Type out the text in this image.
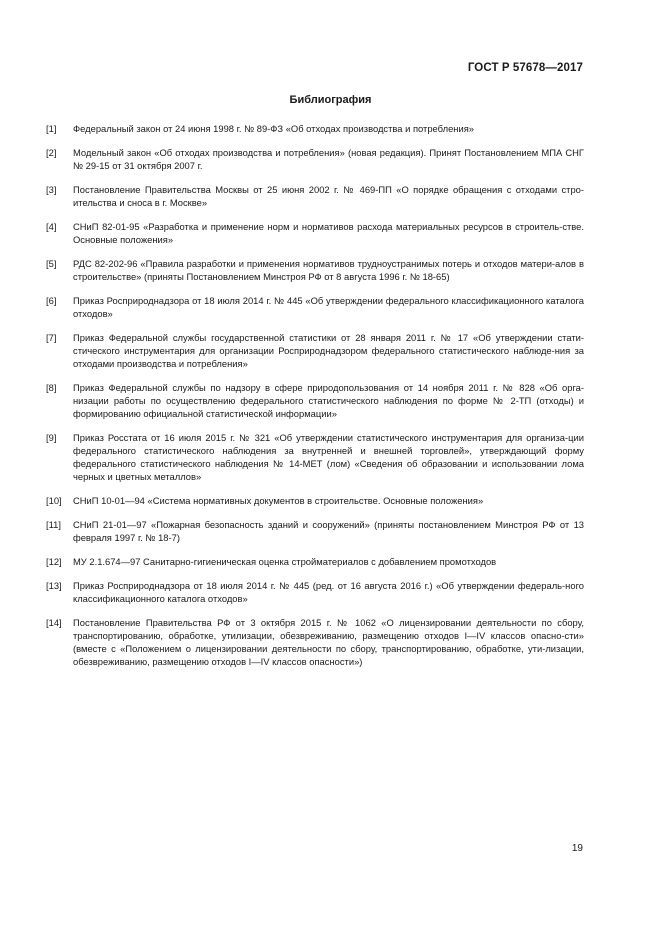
ГОСТ Р 57678—2017
Библиография
[1]	Федеральный закон от 24 июня 1998 г. № 89-ФЗ «Об отходах производства и потребления»
[2]	Модельный закон «Об отходах производства и потребления» (новая редакция). Принят Постановлением МПА СНГ № 29-15 от 31 октября 2007 г.
[3]	Постановление Правительства Москвы от 25 июня 2002 г. № 469-ПП «О порядке обращения с отходами стро-ительства и сноса в г. Москве»
[4]	СНиП 82-01-95 «Разработка и применение норм и нормативов расхода материальных ресурсов в строитель-стве. Основные положения»
[5]	РДС 82-202-96 «Правила разработки и применения нормативов трудноустранимых потерь и отходов матери-алов в строительстве» (приняты Постановлением Минстроя РФ от 8 августа 1996 г. № 18-65)
[6]	Приказ Росприроднадзора от 18 июля 2014 г. № 445 «Об утверждении федерального классификационного каталога отходов»
[7]	Приказ Федеральной службы государственной статистики от 28 января 2011 г. № 17 «Об утверждении стати-стического инструментария для организации Росприроднадзором федерального статистического наблюде-ния за отходами производства и потребления»
[8]	Приказ Федеральной службы по надзору в сфере природопользования от 14 ноября 2011 г. № 828 «Об орга-низации работы по осуществлению федерального статистического наблюдения по форме № 2-ТП (отходы) и формированию официальной статистической информации»
[9]	Приказ Росстата от 16 июля 2015 г. № 321 «Об утверждении статистического инструментария для организа-ции федерального статистического наблюдения за внутренней и внешней торговлей», утверждающий форму федерального статистического наблюдения № 14-МЕТ (лом) «Сведения об образовании и использовании лома черных и цветных металлов»
[10]	СНиП 10-01—94 «Система нормативных документов в строительстве. Основные положения»
[11]	СНиП 21-01—97 «Пожарная безопасность зданий и сооружений» (приняты постановлением Минстроя РФ от 13 февраля 1997 г. № 18-7)
[12]	МУ 2.1.674—97 Санитарно-гигиеническая оценка стройматериалов с добавлением промотходов
[13]	Приказ Росприроднадзора от 18 июля 2014 г. № 445 (ред. от 16 августа 2016 г.) «Об утверждении федераль-ного классификационного каталога отходов»
[14]	Постановление Правительства РФ от 3 октября 2015 г. № 1062 «О лицензировании деятельности по сбору, транспортированию, обработке, утилизации, обезвреживанию, размещению отходов I—IV классов опасно-сти» (вместе с «Положением о лицензировании деятельности по сбору, транспортированию, обработке, ути-лизации, обезвреживанию, размещению отходов I—IV классов опасности»)
19
